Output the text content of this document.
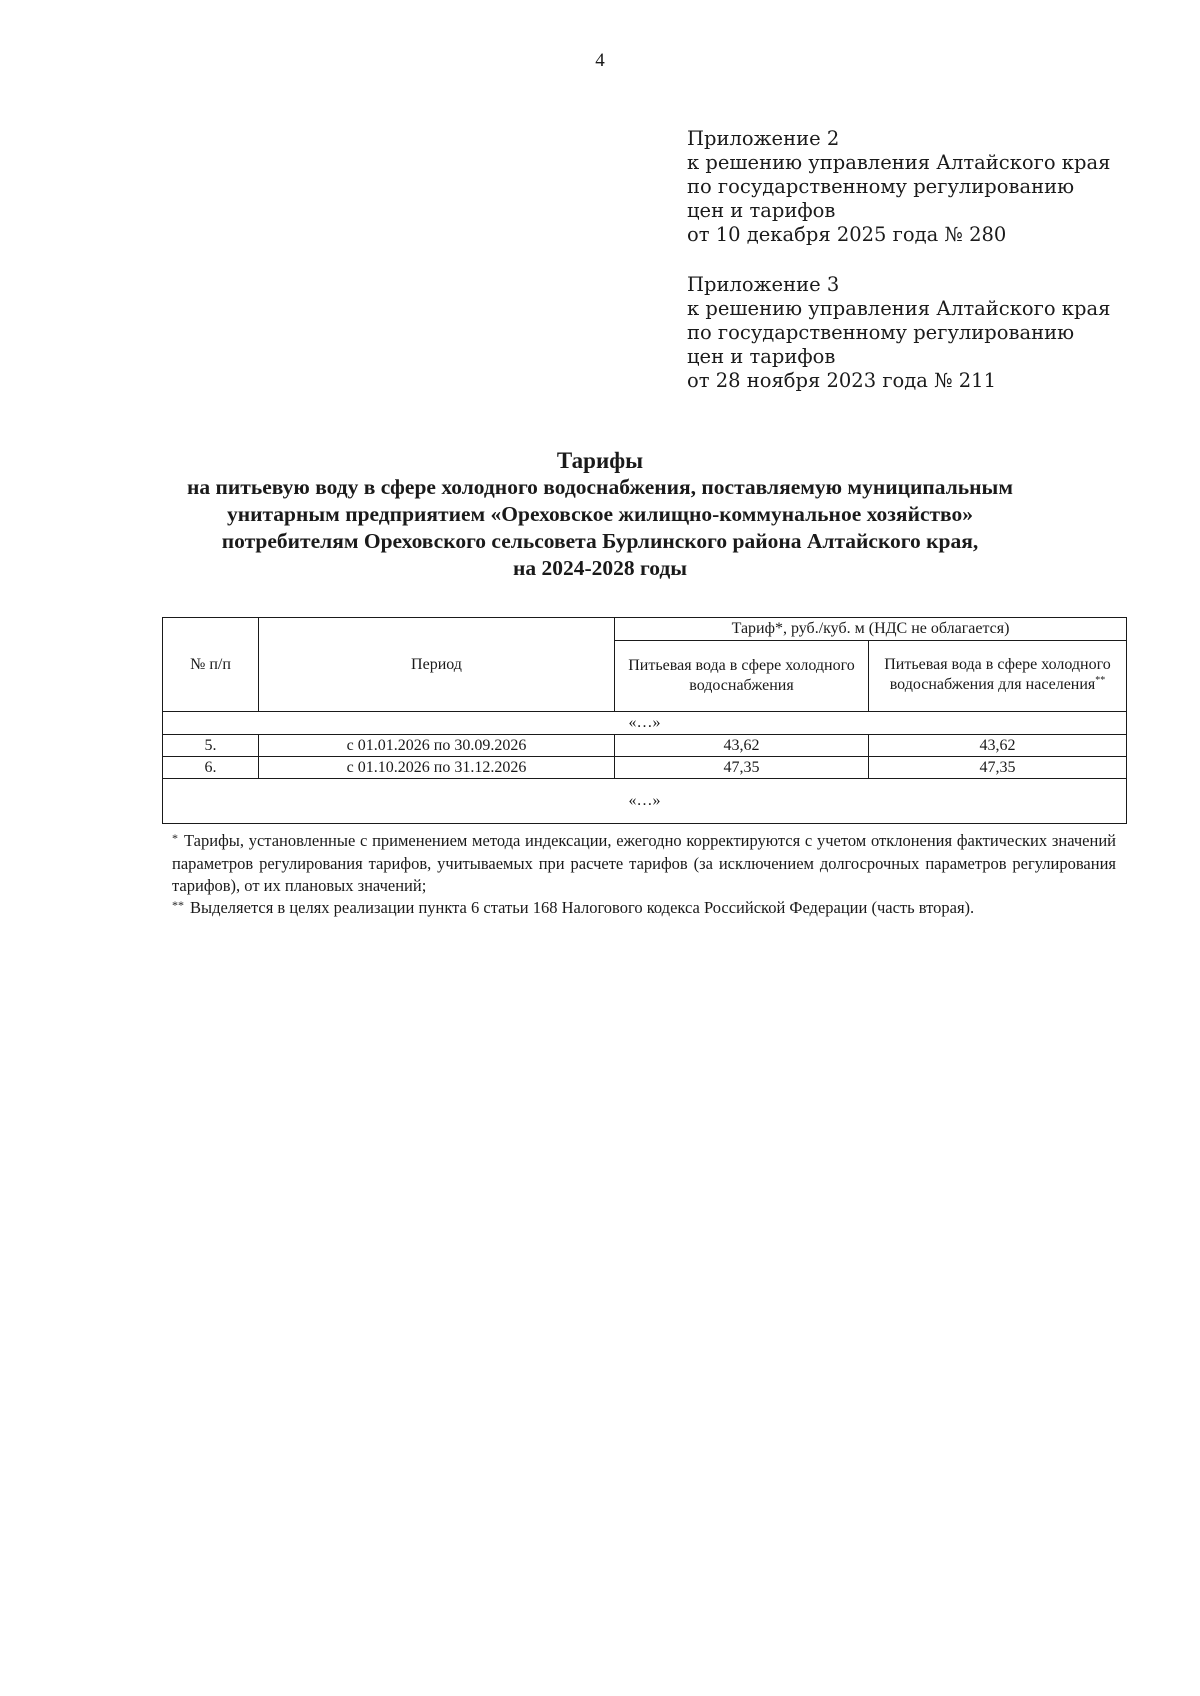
4
Приложение 2
к решению управления Алтайского края
по государственному регулированию
цен и тарифов
от 10 декабря 2025 года № 280
Приложение 3
к решению управления Алтайского края
по государственному регулированию
цен и тарифов
от 28 ноября 2023 года № 211
Тарифы
на питьевую воду в сфере холодного водоснабжения, поставляемую муниципальным
унитарным предприятием «Ореховское жилищно-коммунальное хозяйство»
потребителям Ореховского сельсовета Бурлинского района Алтайского края,
на 2024-2028 годы
№ п/п	Период	Тариф*, руб./куб. м (НДС не облагается)	
		Питьевая вода в сфере холодного водоснабжения	Питьевая вода в сфере холодного водоснабжения для населения**
«…»			
5.	с 01.01.2026 по 30.09.2026	43,62	43,62
6.	с 01.10.2026 по 31.12.2026	47,35	47,35
«…»			

* Тарифы, установленные с применением метода индексации, ежегодно корректируются с учетом отклонения фактических значений параметров регулирования тарифов, учитываемых при расчете тарифов (за исключением долгосрочных параметров регулирования тарифов), от их плановых значений;

** Выделяется в целях реализации пункта 6 статьи 168 Налогового кодекса Российской Федерации (часть вторая).
